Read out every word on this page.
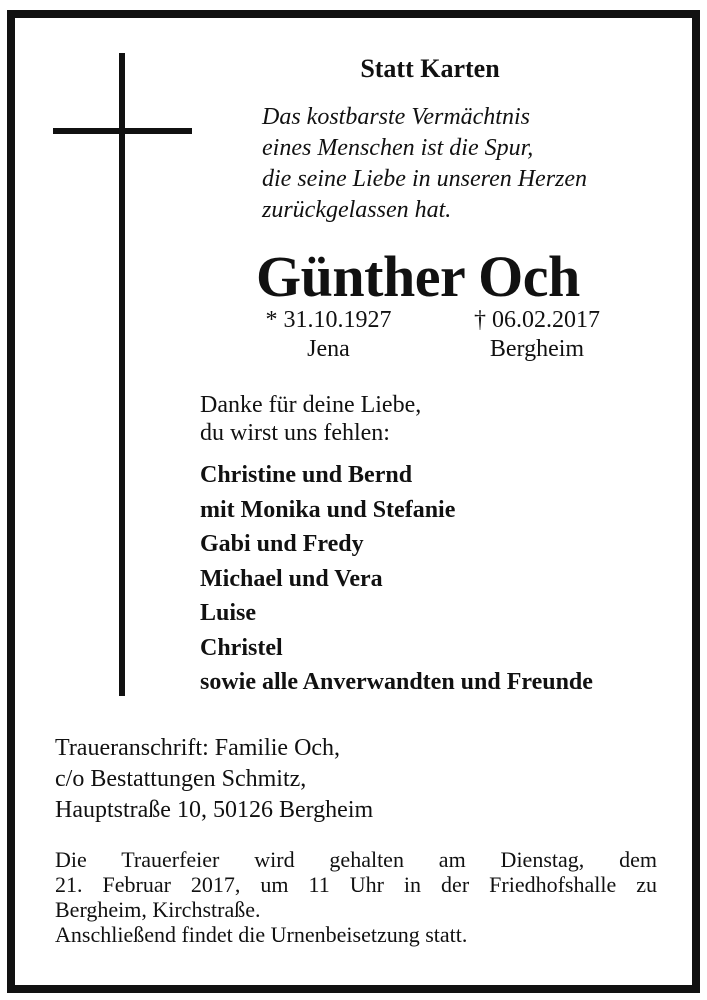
Statt Karten
Das kostbarste Vermächtnis
eines Menschen ist die Spur,
die seine Liebe in unseren Herzen
zurückgelassen hat.
Günther Och
* 31.10.1927
Jena
† 06.02.2017
Bergheim
Danke für deine Liebe,
du wirst uns fehlen:
Christine und Bernd
mit Monika und Stefanie
Gabi und Fredy
Michael und Vera
Luise
Christel
sowie alle Anverwandten und Freunde
Traueranschrift: Familie Och,
c/o Bestattungen Schmitz,
Hauptstraße 10, 50126 Bergheim
Die Trauerfeier wird gehalten am Dienstag, dem
21. Februar 2017, um 11 Uhr in der Friedhofshalle zu
Bergheim, Kirchstraße.
Anschließend findet die Urnenbeisetzung statt.
